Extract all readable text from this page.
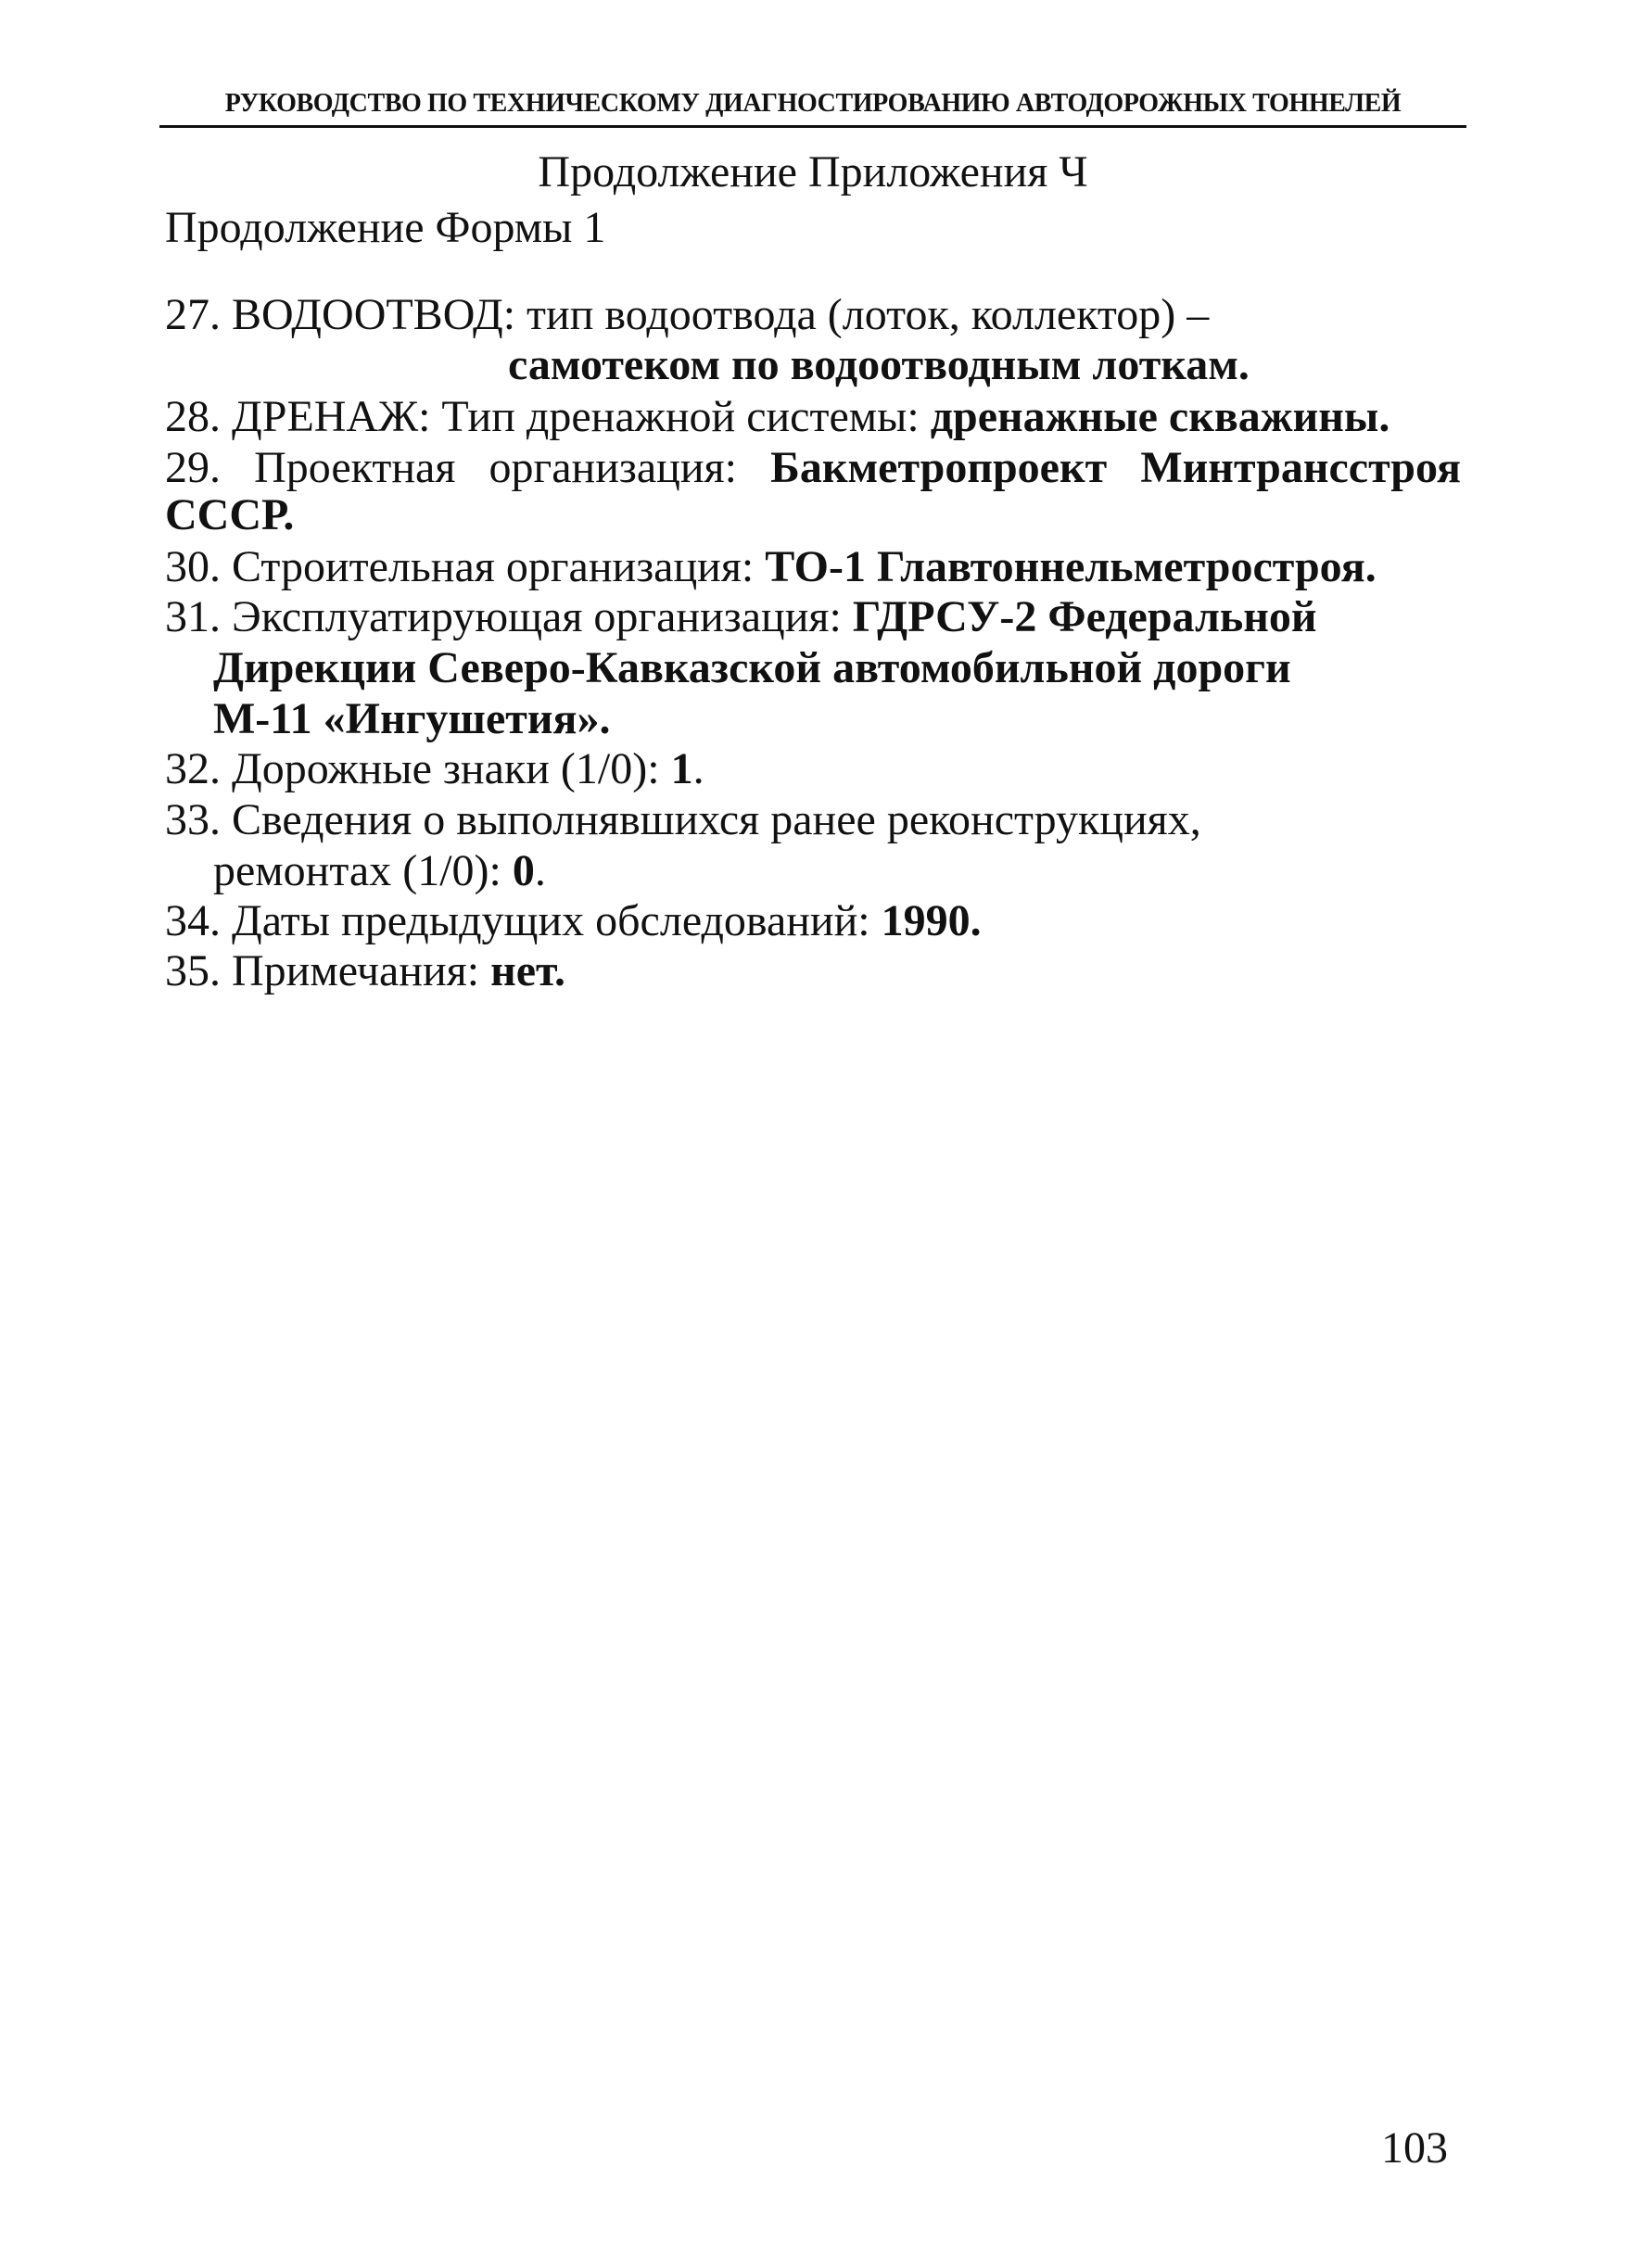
РУКОВОДСТВО ПО ТЕХНИЧЕСКОМУ ДИАГНОСТИРОВАНИЮ АВТОДОРОЖНЫХ ТОННЕЛЕЙ
Продолжение Приложения Ч
Продолжение Формы 1
27. ВОДООТВОД: тип водоотвода (лоток, коллектор) –
самотеком по водоотводным лоткам.
28. ДРЕНАЖ: Тип дренажной системы: дренажные скважины.
29. Проектная организация: Бакметропроект Минтрансстроя
СССР.
30. Строительная организация: ТО-1 Главтоннельметростроя.
31. Эксплуатирующая организация: ГДРСУ-2 Федеральной
Дирекции Северо-Кавказской автомобильной дороги
М-11 «Ингушетия».
32. Дорожные знаки (1/0): 1.
33. Сведения о выполнявшихся ранее реконструкциях,
ремонтах (1/0): 0.
34. Даты предыдущих обследований: 1990.
35. Примечания: нет.
103
